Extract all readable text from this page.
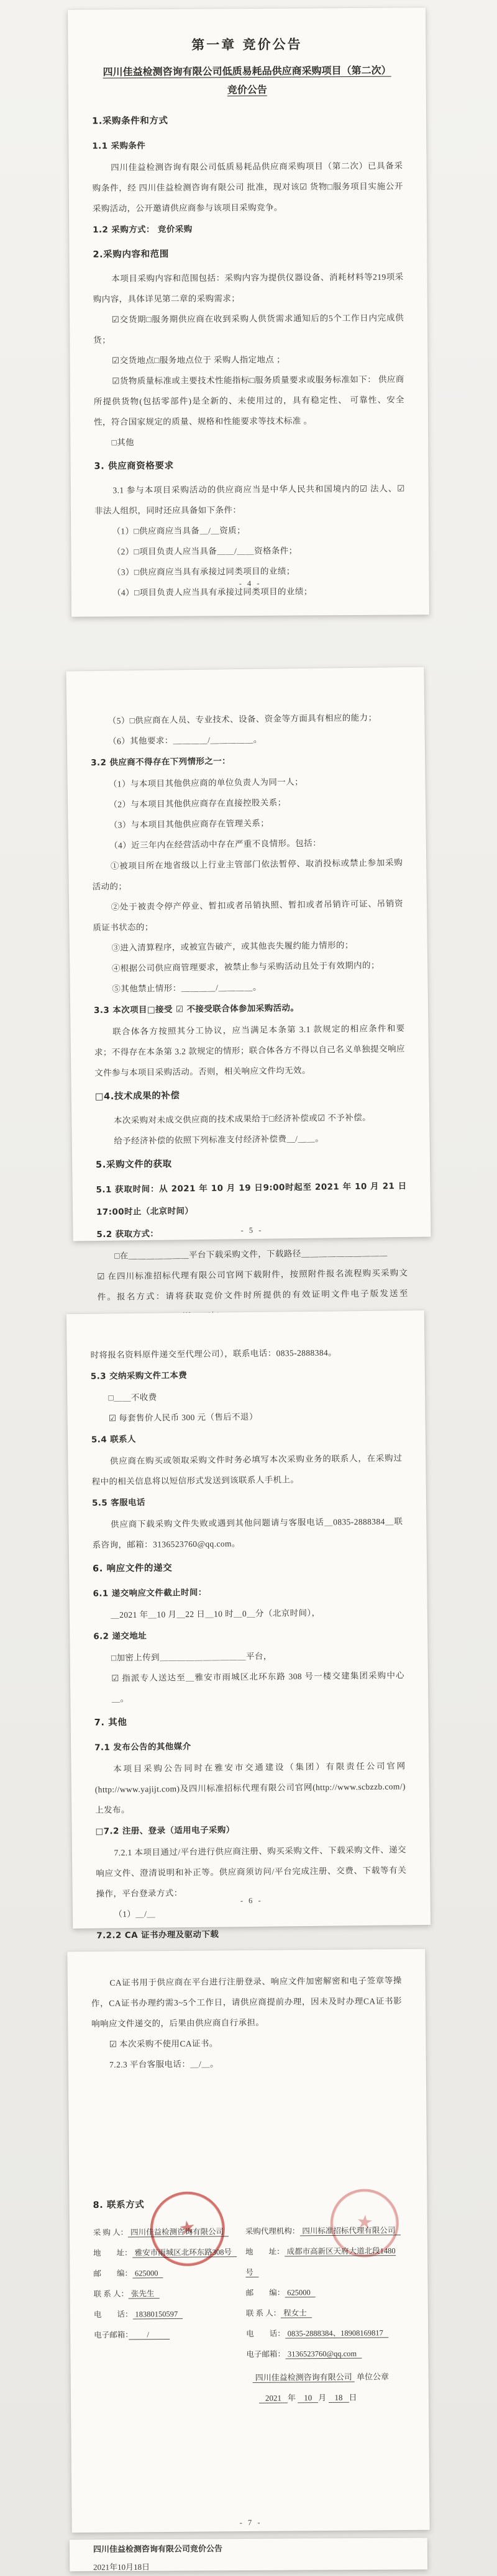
第一章 竞价公告
四川佳益检测咨询有限公司低质易耗品供应商采购项目（第二次）竞价公告
1.采购条件和方式
1.1 采购条件
四川佳益检测咨询有限公司低质易耗品供应商采购项目（第二次）已具备采购条件，经 四川佳益检测咨询有限公司 批准，现对该☑ 货物□服务项目实施公开采购活动，公开邀请供应商参与该项目采购竞争。
1.2 采购方式： 竞价采购
2.采购内容和范围
本项目采购内容和范围包括：采购内容为提供仪器设备、消耗材料等219项采购内容，具体详见第二章的采购需求；
☑交货期□服务期供应商在收到采购人供货需求通知后的5个工作日内完成供货；
☑交货地点□服务地点位于 采购人指定地点 ；
☑货物质量标准或主要技术性能指标□服务质量要求或服务标准如下： 供应商所提供货物(包括零部件)是全新的、未使用过的，具有稳定性、 可靠性、安全性，符合国家规定的质量、规格和性能要求等技术标准 。
□其他
3. 供应商资格要求
3.1 参与本项目采购活动的供应商应当是中华人民共和国境内的☑ 法人、☑ 非法人组织，同时还应具备如下条件：
（1）□供应商应当具备＿/＿资质；
（2）□项目负责人应当具备＿＿/＿＿资格条件；
（3）□供应商应当具有承接过同类项目的业绩；
（4）□项目负责人应当具有承接过同类项目的业绩；
- 4 -
（5）□供应商在人员、专业技术、设备、资金等方面具有相应的能力；
（6）其他要求：＿＿＿＿/＿＿＿＿＿。
3.2 供应商不得存在下列情形之一：
（1）与本项目其他供应商的单位负责人为同一人；
（2）与本项目其他供应商存在直接控股关系；
（3）与本项目其他供应商存在管理关系；
（4）近三年内在经营活动中存在严重不良情形。包括：
①被项目所在地省级以上行业主管部门依法暂停、取消投标或禁止参加采购活动的；
②处于被责令停产停业、暂扣或者吊销执照、暂扣或者吊销许可证、吊销资质证书状态的；
③进入清算程序，或被宣告破产，或其他丧失履约能力情形的；
④根据公司供应商管理要求，被禁止参与采购活动且处于有效期内的；
⑤其他禁止情形：＿＿＿＿/＿＿＿＿。
3.3 本次项目□接受 ☑ 不接受联合体参加采购活动。
联合体各方按照其分工协议，应当满足本条第 3.1 款规定的相应条件和要求；不得存在本条第 3.2 款规定的情形；联合体各方不得以自己名义单独提交响应文件参与本项目采购活动。否则，相关响应文件均无效。
□4.技术成果的补偿
本次采购对未成交供应商的技术成果给于□经济补偿或☑ 不予补偿。
给予经济补偿的依照下列标准支付经济补偿费＿/＿＿。
5.采购文件的获取
5.1 获取时间：从 2021 年 10 月 19 日9:00时起至 2021 年 10 月 21 日17:00时止（北京时间）
5.2 获取方式：
□在＿＿＿＿＿＿＿平台下载采购文件，下载路径＿＿＿＿＿＿＿＿＿＿
☑ 在四川标准招标代理有限公司官网下载附件，按照附件报名流程购买采购文件。报名方式：请将获取竞价文件时所提供的有效证明文件电子版发送至
- 5 -
时将报名资料原件递交至代理公司），联系电话：0835-2888384。
5.3 交纳采购文件工本费
□＿＿不收费
☑ 每套售价人民币 300 元（售后不退）
5.4 联系人
供应商在购买或领取采购文件时务必填写本次采购业务的联系人，在采购过程中的相关信息将以短信形式发送到该联系人手机上。
5.5 客服电话
供应商下载采购文件失败或遇到其他问题请与客服电话＿0835-2888384＿联系咨询，邮箱：3136523760@qq.com。
6. 响应文件的递交
6.1 递交响应文件截止时间：
＿2021 年＿10 月＿22 日＿10 时＿0＿分（北京时间），
6.2 递交地址
□加密上传到＿＿＿＿＿＿＿＿＿＿平台，
☑ 指派专人送达至＿雅安市雨城区北环东路 308 号一楼交建集团采购中心＿。
7. 其他
7.1 发布公告的其他媒介
本项目采购公告同时在雅安市交通建设（集团）有限责任公司官网(http://www.yajijt.com)及四川标准招标代理有限公司官网(http://www.scbzzb.com/)上发布。
□7.2 注册、登录（适用电子采购）
7.2.1 本项目通过/平台进行供应商注册、购买采购文件、下载采购文件、递交响应文件、澄清说明和补正等。供应商须访问/平台完成注册、交费、下载等有关操作，平台登录方式：
（1）＿/＿
7.2.2 CA 证书办理及驱动下载
- 6 -
CA证书用于供应商在平台进行注册登录、响应文件加密解密和电子签章等操作，CA证书办理约需3~5个工作日，请供应商提前办理，因未及时办理CA证书影响响应文件递交的，后果由供应商自行承担。
☑ 本次采购不使用CA证书。
7.2.3 平台客服电话：＿/＿。
8. 联系方式
采 购 人： 四川佳益检测咨询有限公司
地　　址： 雅安市雨城区北环东路308号
邮　　编： 625000
联 系 人： 张先生
电　　话： 18380150597
电子邮箱：　　/　　
采购代理机构： 四川标准招标代理有限公司
地　　址： 成都市高新区天府大道北段1480号
邮　　编： 625000
联 系 人： 程女士
电　　话： 0835-2888384、18908169817
电子邮箱： 3136523760@qq.com
四川佳益检测咨询有限公司 单位公章
2021 年 10 月 18 日
★
★
- 7 -
四川佳益检测咨询有限公司竞价公告
2021年10月18日
